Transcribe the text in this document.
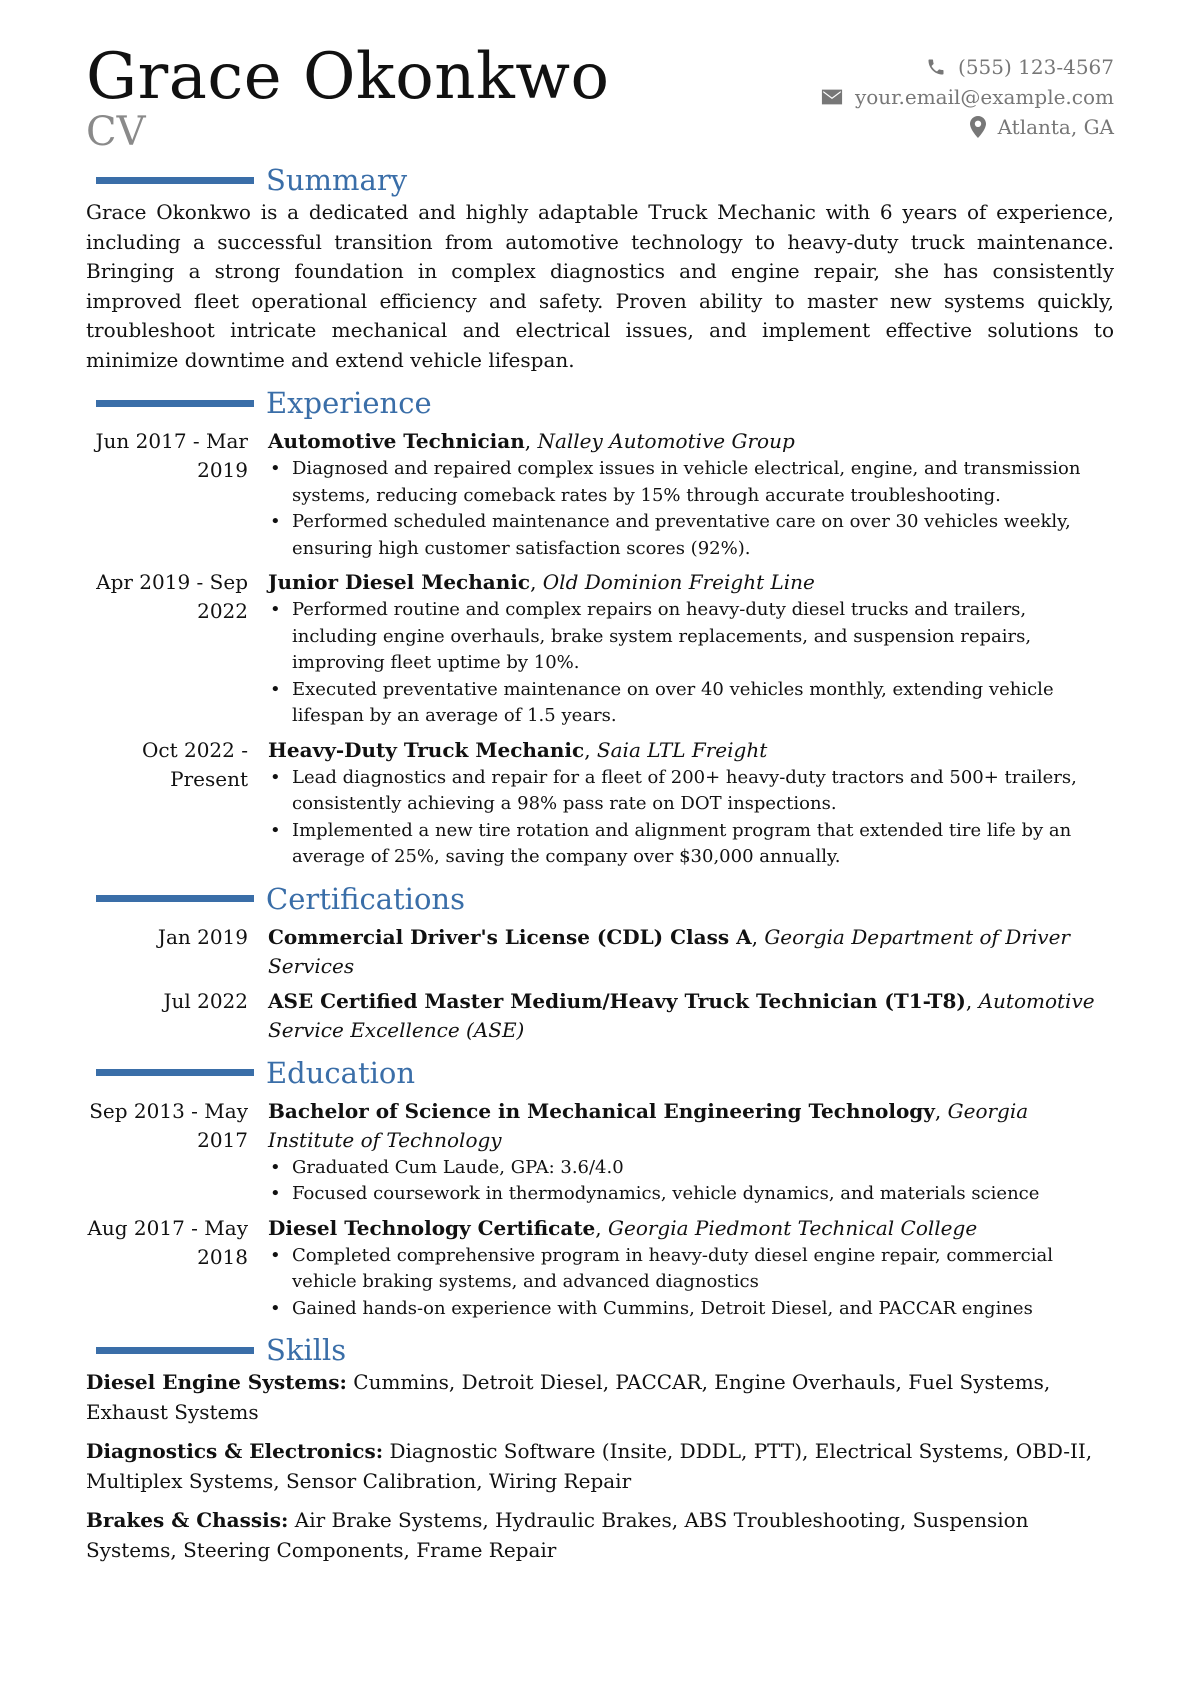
Grace Okonkwo
CV
(555) 123-4567
your.email@example.com
Atlanta, GA
Summary

Grace Okonkwo is a dedicated and highly adaptable Truck Mechanic with 6 years of experience, including a successful transition from automotive technology to heavy-duty truck maintenance. Bringing a strong foundation in complex diagnostics and engine repair, she has consistently improved fleet operational efficiency and safety. Proven ability to master new systems quickly, troubleshoot intricate mechanical and electrical issues, and implement effective solutions to minimize downtime and extend vehicle lifespan.

Experience
Jun 2017 - Mar 2019
Automotive Technician, Nalley Automotive Group
• Diagnosed and repaired complex issues in vehicle electrical, engine, and transmission systems, reducing comeback rates by 15% through accurate troubleshooting.
• Performed scheduled maintenance and preventative care on over 30 vehicles weekly, ensuring high customer satisfaction scores (92%).
Apr 2019 - Sep 2022
Junior Diesel Mechanic, Old Dominion Freight Line
• Performed routine and complex repairs on heavy-duty diesel trucks and trailers, including engine overhauls, brake system replacements, and suspension repairs, improving fleet uptime by 10%.
• Executed preventative maintenance on over 40 vehicles monthly, extending vehicle lifespan by an average of 1.5 years.
Oct 2022 - Present
Heavy-Duty Truck Mechanic, Saia LTL Freight
• Lead diagnostics and repair for a fleet of 200+ heavy-duty tractors and 500+ trailers, consistently achieving a 98% pass rate on DOT inspections.
• Implemented a new tire rotation and alignment program that extended tire life by an average of 25%, saving the company over $30,000 annually.
Certifications
Jan 2019	Commercial Driver's License (CDL) Class A, Georgia Department of Driver Services
Jul 2022	ASE Certified Master Medium/Heavy Truck Technician (T1-T8), Automotive Service Excellence (ASE)
Education
Sep 2013 - May 2017
Bachelor of Science in Mechanical Engineering Technology, Georgia Institute of Technology
• Graduated Cum Laude, GPA: 3.6/4.0
• Focused coursework in thermodynamics, vehicle dynamics, and materials science
Aug 2017 - May 2018
Diesel Technology Certificate, Georgia Piedmont Technical College
• Completed comprehensive program in heavy-duty diesel engine repair, commercial vehicle braking systems, and advanced diagnostics
• Gained hands-on experience with Cummins, Detroit Diesel, and PACCAR engines
Skills

Diesel Engine Systems: Cummins, Detroit Diesel, PACCAR, Engine Overhauls, Fuel Systems, Exhaust Systems

Diagnostics & Electronics: Diagnostic Software (Insite, DDDL, PTT), Electrical Systems, OBD-II, Multiplex Systems, Sensor Calibration, Wiring Repair

Brakes & Chassis: Air Brake Systems, Hydraulic Brakes, ABS Troubleshooting, Suspension Systems, Steering Components, Frame Repair
